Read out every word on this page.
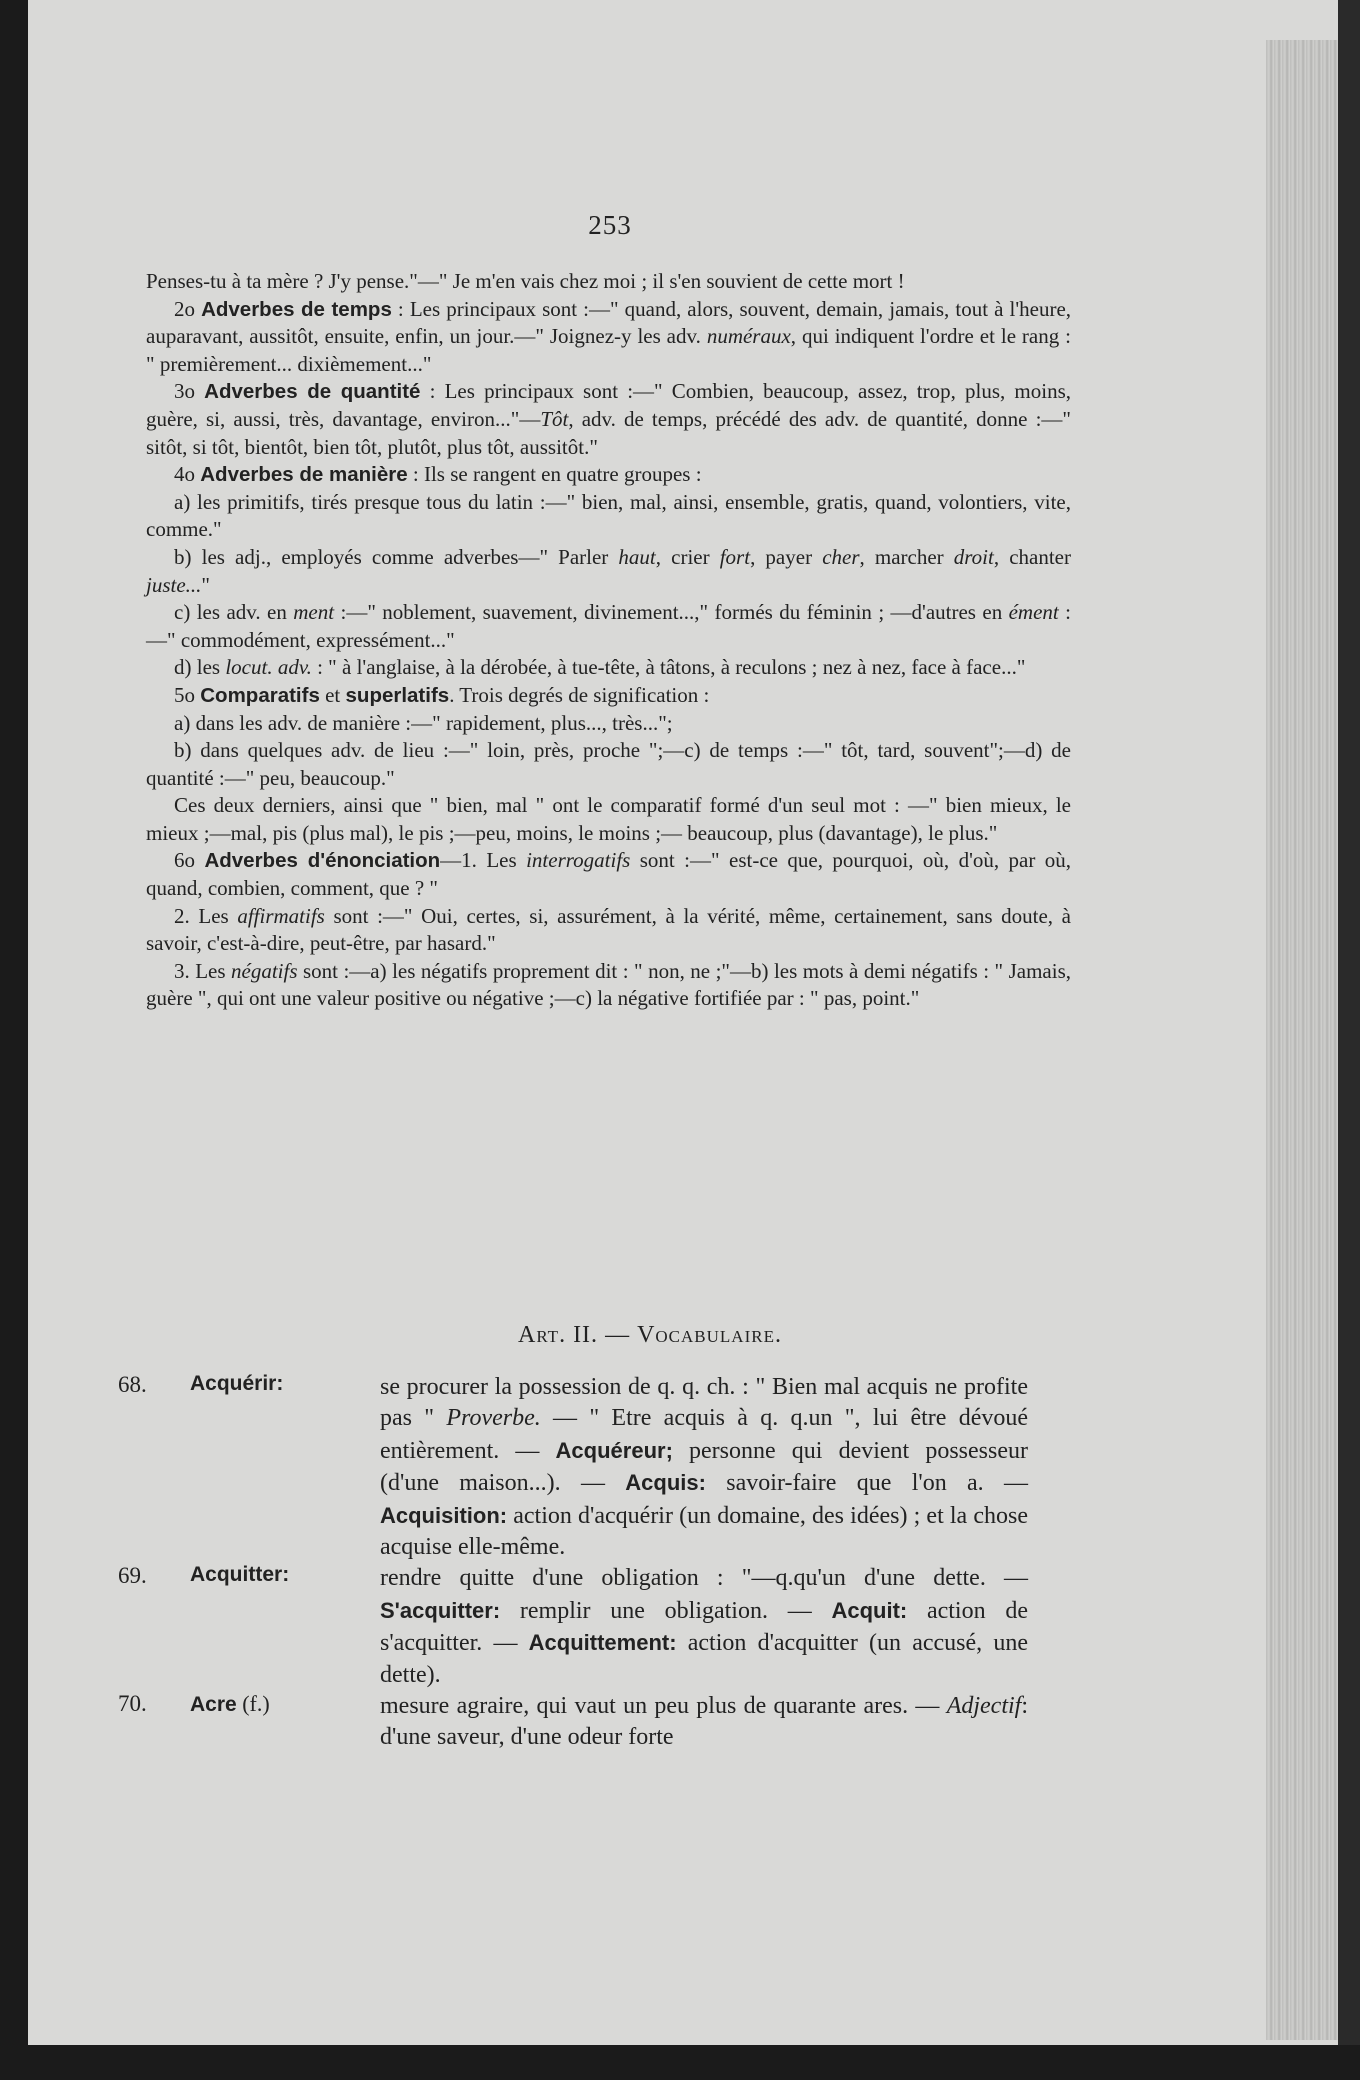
253

Penses-tu à ta mère ? J'y pense."—" Je m'en vais chez moi ; il s'en souvient de cette mort !

2o Adverbes de temps : Les principaux sont :—" quand, alors, souvent, demain, jamais, tout à l'heure, auparavant, aussitôt, ensuite, enfin, un jour.—" Joignez-y les adv. numéraux, qui indiquent l'ordre et le rang : " premièrement... dixièmement..."

3o Adverbes de quantité : Les principaux sont :—" Combien, beaucoup, assez, trop, plus, moins, guère, si, aussi, très, davantage, environ..."—Tôt, adv. de temps, précédé des adv. de quantité, donne :—" sitôt, si tôt, bientôt, bien tôt, plutôt, plus tôt, aussitôt."

4o Adverbes de manière : Ils se rangent en quatre groupes :

a) les primitifs, tirés presque tous du latin :—" bien, mal, ainsi, ensemble, gratis, quand, volontiers, vite, comme."

b) les adj., employés comme adverbes—" Parler haut, crier fort, payer cher, marcher droit, chanter juste..."

c) les adv. en ment :—" noblement, suavement, divinement...," formés du féminin ; —d'autres en ément :—" commodément, expressément..."

d) les locut. adv. : " à l'anglaise, à la dérobée, à tue-tête, à tâtons, à reculons ; nez à nez, face à face..."

5o Comparatifs et superlatifs. Trois degrés de signification :

a) dans les adv. de manière :—" rapidement, plus..., très...";

b) dans quelques adv. de lieu :—" loin, près, proche ";—c) de temps :—" tôt, tard, souvent";—d) de quantité :—" peu, beaucoup."

Ces deux derniers, ainsi que " bien, mal " ont le comparatif formé d'un seul mot : —" bien mieux, le mieux ;—mal, pis (plus mal), le pis ;—peu, moins, le moins ;— beaucoup, plus (davantage), le plus."

6o Adverbes d'énonciation—1. Les interrogatifs sont :—" est-ce que, pourquoi, où, d'où, par où, quand, combien, comment, que ? "

2. Les affirmatifs sont :—" Oui, certes, si, assurément, à la vérité, même, certainement, sans doute, à savoir, c'est-à-dire, peut-être, par hasard."

3. Les négatifs sont :—a) les négatifs proprement dit : " non, ne ;"—b) les mots à demi négatifs : " Jamais, guère ", qui ont une valeur positive ou négative ;—c) la négative fortifiée par : " pas, point."

Art. II. — Vocabulaire.
68.	Acquérir:	se procurer la possession de q. q. ch. : " Bien mal acquis ne profite pas " Proverbe. — " Etre acquis à q. q.un ", lui être dévoué entièrement. — Acquéreur; personne qui devient possesseur (d'une maison...). — Acquis: savoir-faire que l'on a. — Acquisition: action d'acquérir (un domaine, des idées) ; et la chose acquise elle-même.
69.	Acquitter:	rendre quitte d'une obligation : "—q.qu'un d'une dette. — S'acquitter: remplir une obligation. — Acquit: action de s'acquitter. — Acquittement: action d'acquitter (un accusé, une dette).
70.	Acre (f.)	mesure agraire, qui vaut un peu plus de quarante ares. — Adjectif: d'une saveur, d'une odeur forte
